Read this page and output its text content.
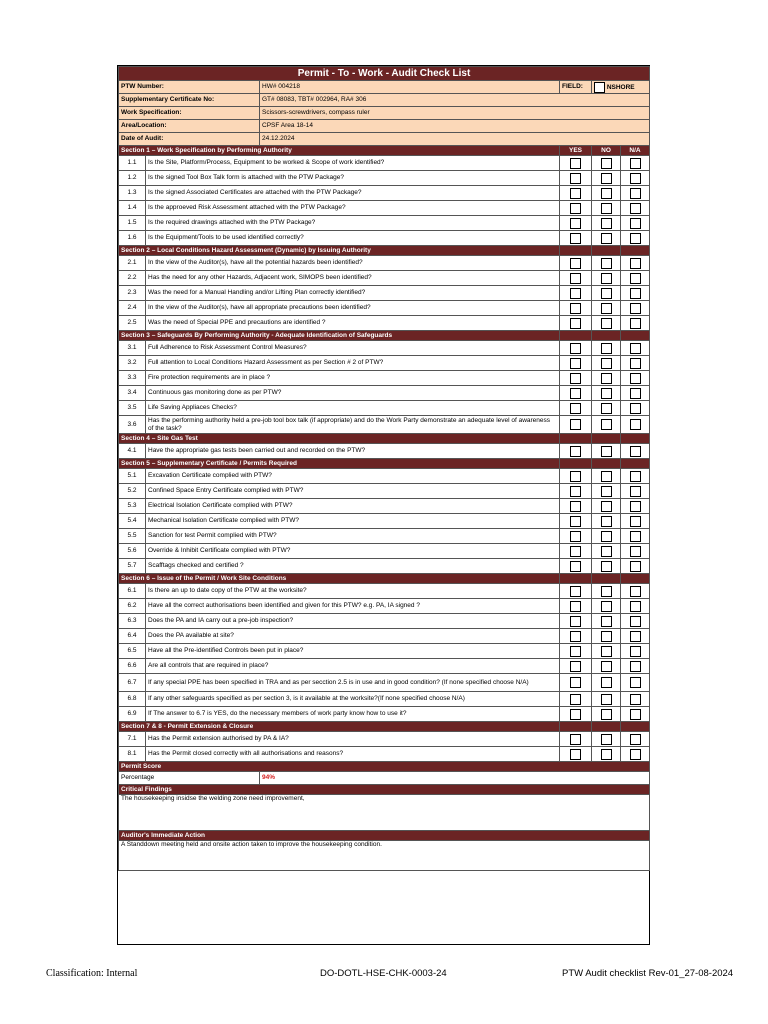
Permit - To - Work - Audit Check List					
PTW Number:		HW# 004218	FIELD:	NSHORE	
Supplementary Certificate No:		GT# 08083, TBT# 002964, RA# 306			
Work Specification:		Scissors-screwdrivers, compass ruler			
Area/Location:		CPSF Area 18-14			
Date of Audit:		24.12.2024			
Section 1 – Work Specification by Performing Authority			YES	NO	N/A
1.1	Is the Site, Platform/Process, Equipment to be worked & Scope of work identified?				
1.2	Is the signed Tool Box Talk form is attached with the PTW Package?				
1.3	Is the signed Associated Certificates are attached with the PTW Package?				
1.4	Is the approeved Risk Assessment attached with the PTW Package?				
1.5	Is the required drawings attached with the PTW Package?				
1.6	Is the Equipment/Tools to be used identified correctly?				
Section 2 – Local Conditions Hazard Assessment (Dynamic) by Issuing Authority					
2.1	In the view of the Auditor(s), have all the potential hazards been identified?				
2.2	Has the need for any other Hazards, Adjacent work, SIMOPS been identified?				
2.3	Was the need for a Manual Handling and/or Lifting Plan correctly identified?				
2.4	In the view of the Auditor(s), have all appropriate precautions been identified?				
2.5	Was the need of Special PPE and precautions are identified ?				
Section 3 – Safeguards By Performing Authority - Adequate Identification of Safeguards					
3.1	Full Adherence to Risk Assessment Control Measures?				
3.2	Full attention to Local Conditions Hazard Assessment as per Section # 2 of PTW?				
3.3	Fire protection requirements are in place ?				
3.4	Continuous gas monitoring done as per PTW?				
3.5	Life Saving Appliaces Checks?				
3.6	Has the performing authority held a pre-job tool box talk (if appropriate) and do the Work Party demonstrate an adequate level of awareness of the task?				
Section 4 – Site Gas Test					
4.1	Have the appropriate gas tests been carried out and recorded on the PTW?				
Section 5 – Supplementary Certificate / Permits Required					
5.1	Excavation Certificate complied with PTW?				
5.2	Confined Space Entry Certificate complied with PTW?				
5.3	Electrical Isolation Certificate complied with PTW?				
5.4	Mechanical Isolation Certificate complied with PTW?				
5.5	Sanction for test Permit complied with PTW?				
5.6	Override & Inhibit Certificate complied with PTW?				
5.7	Scafftags checked and certified ?				
Section 6 – Issue of the Permit / Work Site Conditions					
6.1	Is there an up to date copy of the PTW at the worksite?				
6.2	Have all the correct authorisations been identified and given for this PTW? e.g. PA, IA signed ?				
6.3	Does the PA and IA carry out a pre-job inspection?				
6.4	Does the PA available at site?				
6.5	Have all the Pre-identified Controls been put in place?				
6.6	Are all controls that are required in place?				
6.7	If any special PPE has been specified in TRA and as per secction 2.5 is in use and in good condition? (If none specified choose N/A)				
6.8	If any other safeguards specified as per section 3, is it available at the worksite?(If none specified choose N/A)				
6.9	If The answer to 6.7 is YES, do the necessary members of work party know how to use it?				
Section 7 & 8 - Permit Extension & Closure					
7.1	Has the Permit extension authorised by PA & IA?				
8.1	Has the Permit closed correctly with all authorisations and reasons?				
Permit Score					
Percentage		94%			
Critical Findings					
The housekeeping insidse the welding zone need improvement,					
Auditor's Immediate Action					
A Standdown meeting held and onsite action taken to improve the housekeeping condition.					
Classification: Internal	DO-DOTL-HSE-CHK-0003-24	PTW Audit checklist Rev-01_27-08-2024
